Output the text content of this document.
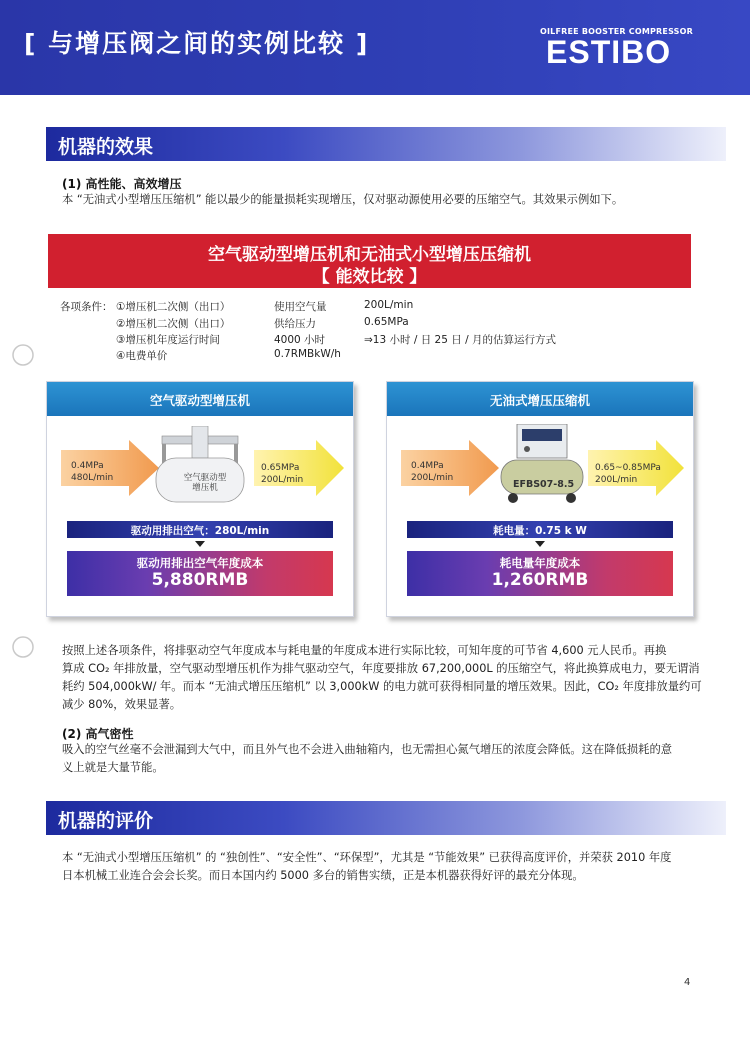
[ 与增压阀之间的实例比较 ]	OILFREE BOOSTER COMPRESSOR
ESTIBO
机器的效果
(1) 高性能、高效增压
本 “无油式小型增压压缩机” 能以最少的能量损耗实现增压，仅对驱动源使用必要的压缩空气。其效果示例如下。
空气驱动型增压机和无油式小型增压压缩机
【 能效比较 】
各项条件： ①增压机二次侧（出口）	使用空气量	200L/min
②增压机二次侧（出口）	供给压力	0.65MPa
③增压机年度运行时间	4000 小时	⇒13 小时 / 日 25 日 / 月的估算运行方式
④电费单价	0.7RMBkW/h
空气驱动型增压机
0.4MPa
480L/min	空气驱动型
增压机
0.65MPa
200L/min
驱动用排出空气：280L/min
驱动用排出空气年度成本
5,880RMB
无油式增压压缩机
0.4MPa
200L/min
EFBS07-8.5
0.65~0.85MPa
200L/min
耗电量：0.75 k W
耗电量年度成本
1,260RMB
按照上述各项条件，将排驱动空气年度成本与耗电量的年度成本进行实际比较，可知年度的可节省 4,600 元人民币。再换
算成 CO₂ 年排放量，空气驱动型增压机作为排气驱动空气，年度要排放 67,200,000L 的压缩空气，将此换算成电力，要无谓消
耗约 504,000kW/ 年。而本 “无油式增压压缩机” 以 3,000kW 的电力就可获得相同量的增压效果。因此，CO₂ 年度排放量约可
减少 80%，效果显著。
(2) 高气密性
吸入的空气丝毫不会泄漏到大气中，而且外气也不会进入曲轴箱内，也无需担心氮气增压的浓度会降低。这在降低损耗的意
义上就是大量节能。
机器的评价
本 “无油式小型增压压缩机” 的 “独创性”、“安全性”、“环保型”，尤其是 “节能效果” 已获得高度评价，并荣获 2010 年度
日本机械工业连合会会长奖。而日本国内约 5000 多台的销售实绩，正是本机器获得好评的最充分体现。
4
